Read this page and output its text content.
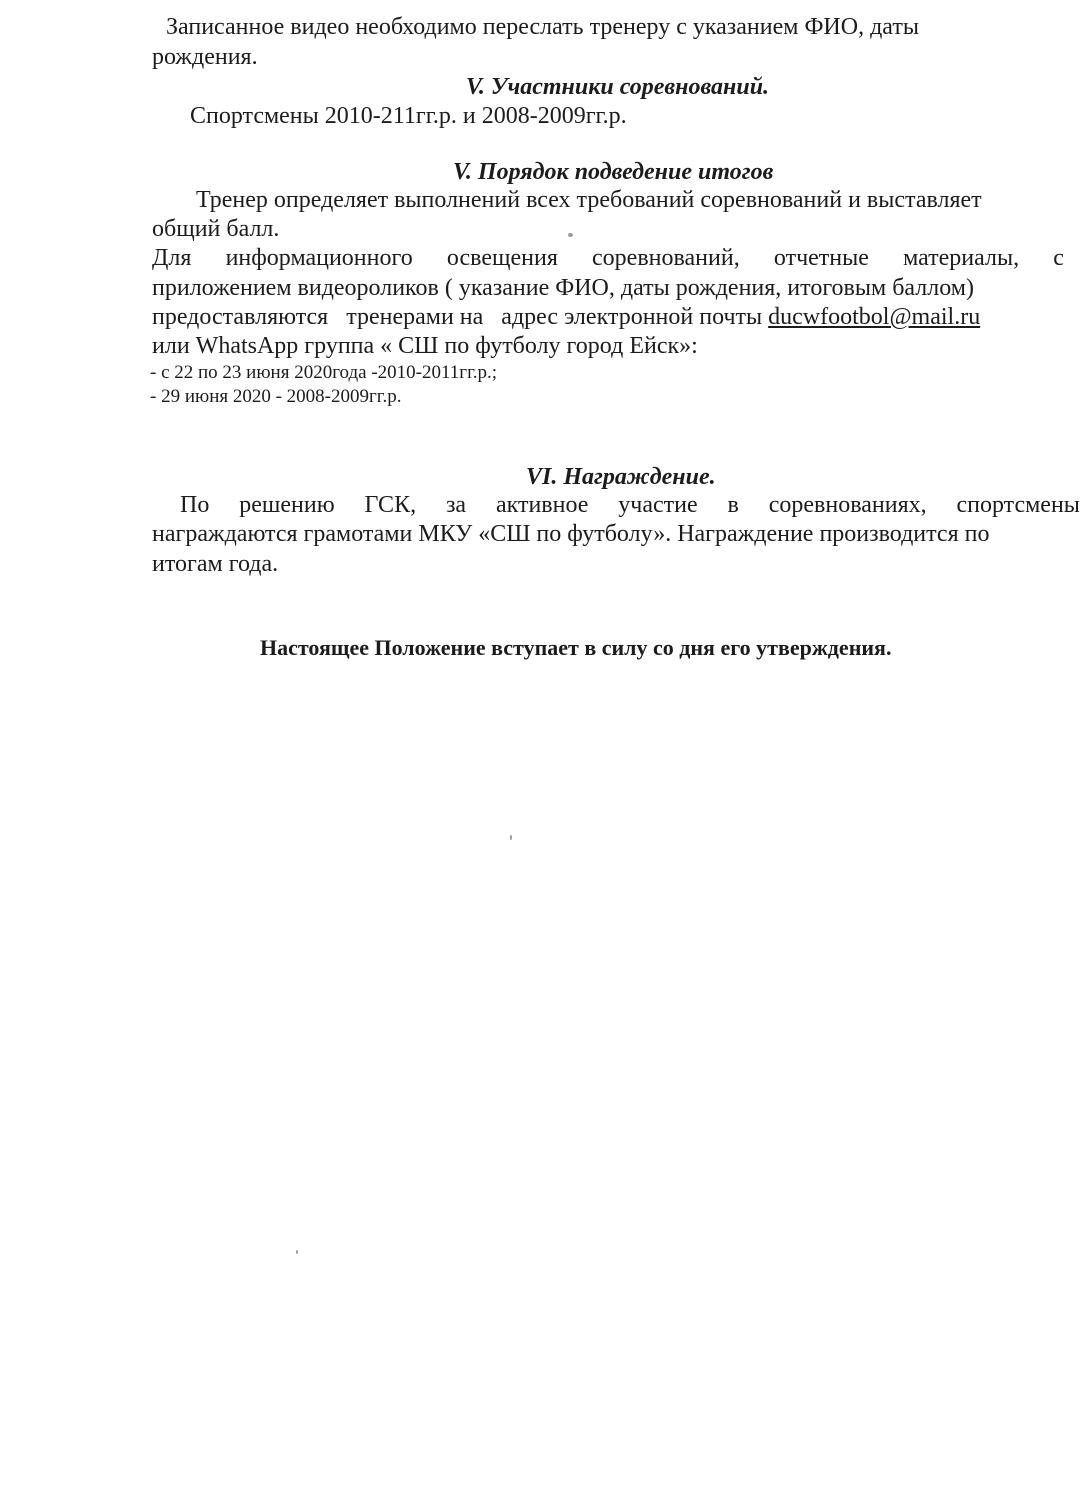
Записанное видео необходимо переслать тренеру с указанием ФИО, даты
рождения.
V. Участники соревнований.
Спортсмены 2010-211гг.р. и 2008-2009гг.р.
V. Порядок подведение итогов
Тренер определяет выполнений всех требований соревнований и выставляет
общий балл.
Для информационного освещения соревнований, отчетные материалы, с
приложением видеороликов ( указание ФИО, даты рождения, итоговым баллом)
предоставляются   тренерами на   адрес электронной почты ducwfootbol@mail.ru
или WhatsApp группа « СШ по футболу город Ейск»:
- с 22 по 23 июня 2020года -2010-2011гг.р.;
- 29 июня 2020 - 2008-2009гг.р.
VI. Награждение.
По решению ГСК, за активное участие в соревнованиях, спортсмены
награждаются грамотами МКУ «СШ по футболу». Награждение производится по
итогам года.
Настоящее Положение вступает в силу со дня его утверждения.
